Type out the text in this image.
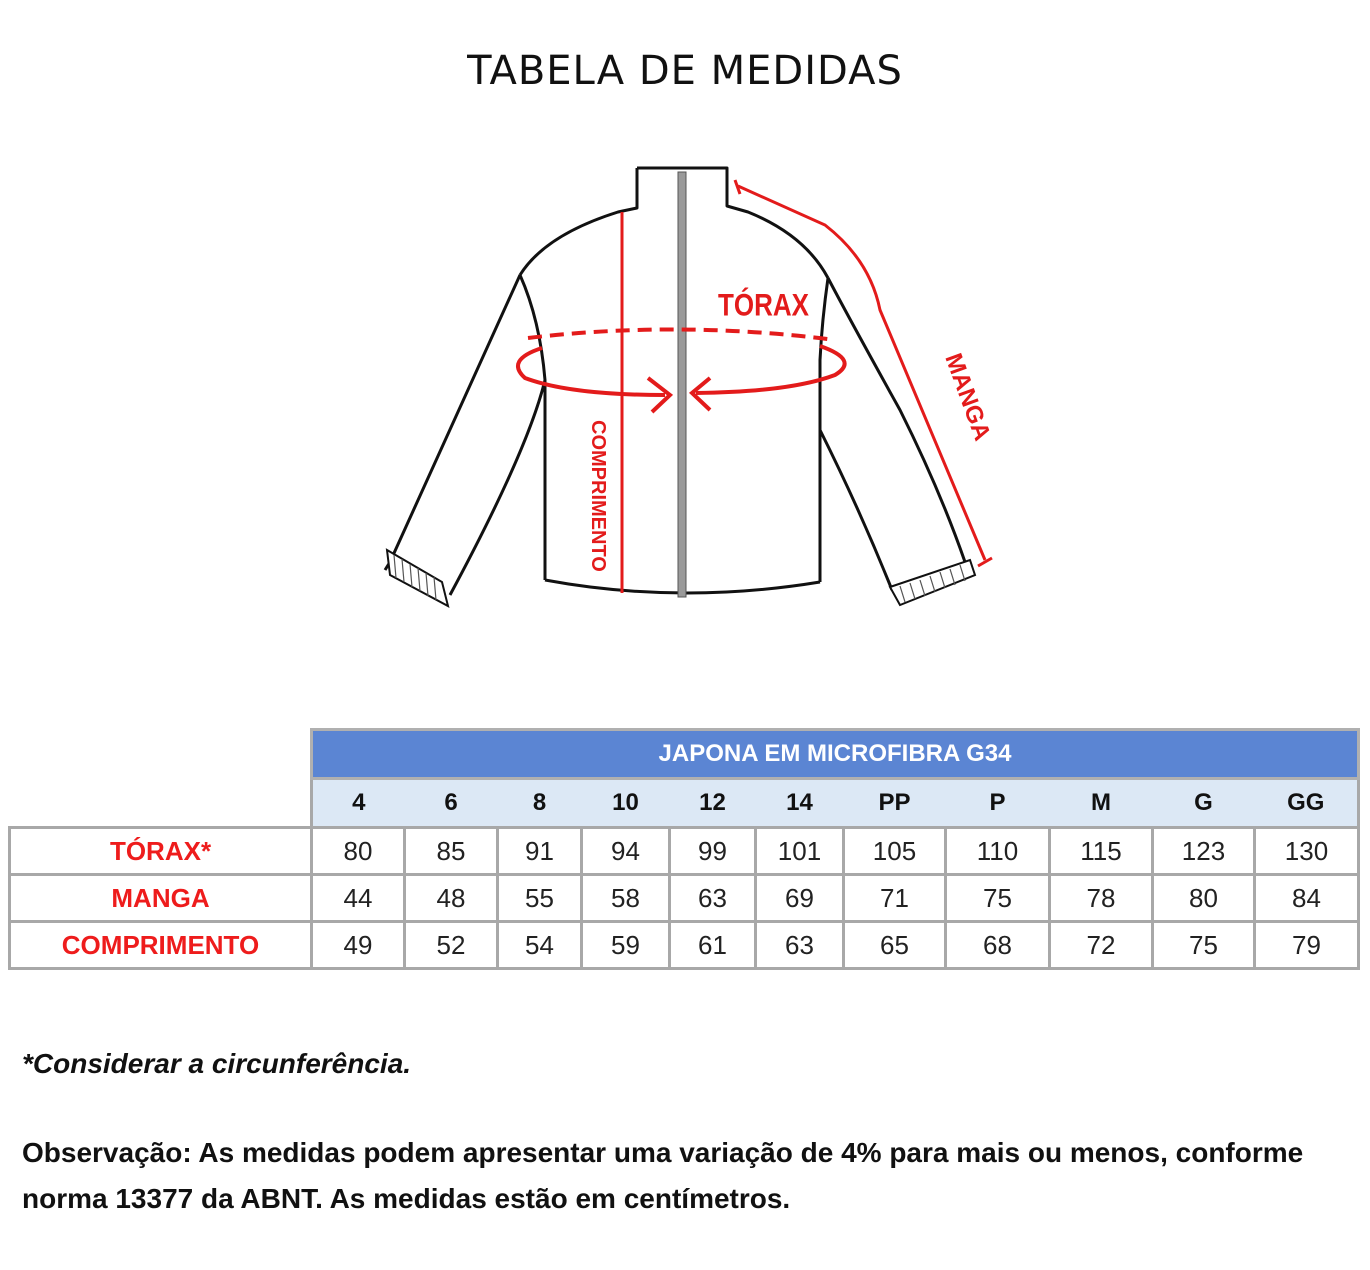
TABELA DE MEDIDAS
TÓRAX
MANGA
COMPRIMENTO
	JAPONA EM MICROFIBRA G34										
	4	6	8	10	12	14	PP	P	M	G	GG
TÓRAX*	80	85	91	94	99	101	105	110	115	123	130
MANGA	44	48	55	58	63	69	71	75	78	80	84
COMPRIMENTO	49	52	54	59	61	63	65	68	72	75	79
*Considerar a circunferência.
Observação: As medidas podem apresentar uma variação de 4% para mais ou menos, conforme norma 13377 da ABNT. As medidas estão em centímetros.
